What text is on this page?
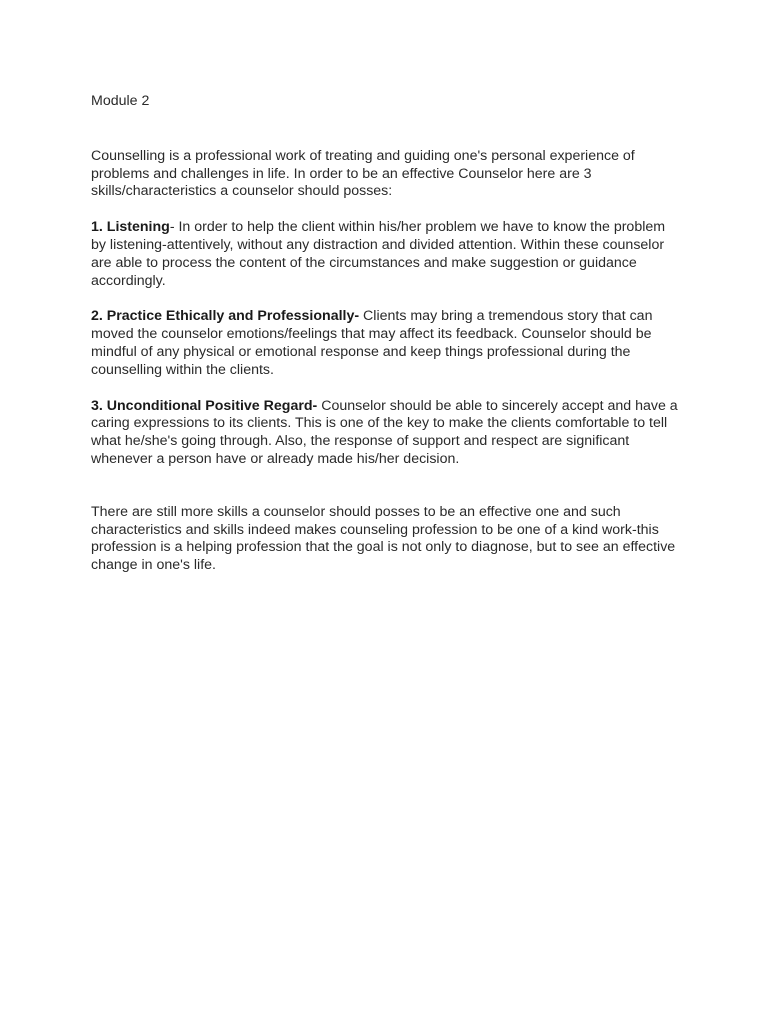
Module 2

Counselling is a professional work of treating and guiding one's personal experience of problems and challenges in life. In order to be an effective Counselor here are 3 skills/characteristics a counselor should posses:

1. Listening- In order to help the client within his/her problem we have to know the problem by listening-attentively, without any distraction and divided attention. Within these counselor are able to process the content of the circumstances and make suggestion or guidance accordingly.

2. Practice Ethically and Professionally- Clients may bring a tremendous story that can moved the counselor emotions/feelings that may affect its feedback. Counselor should be mindful of any physical or emotional response and keep things professional during the counselling within the clients.

3. Unconditional Positive Regard- Counselor should be able to sincerely accept and have a caring expressions to its clients. This is one of the key to make the clients comfortable to tell what he/she's going through. Also, the response of support and respect are significant whenever a person have or already made his/her decision.

There are still more skills a counselor should posses to be an effective one and such characteristics and skills indeed makes counseling profession to be one of a kind work-this profession is a helping profession that the goal is not only to diagnose, but to see an effective change in one's life.
